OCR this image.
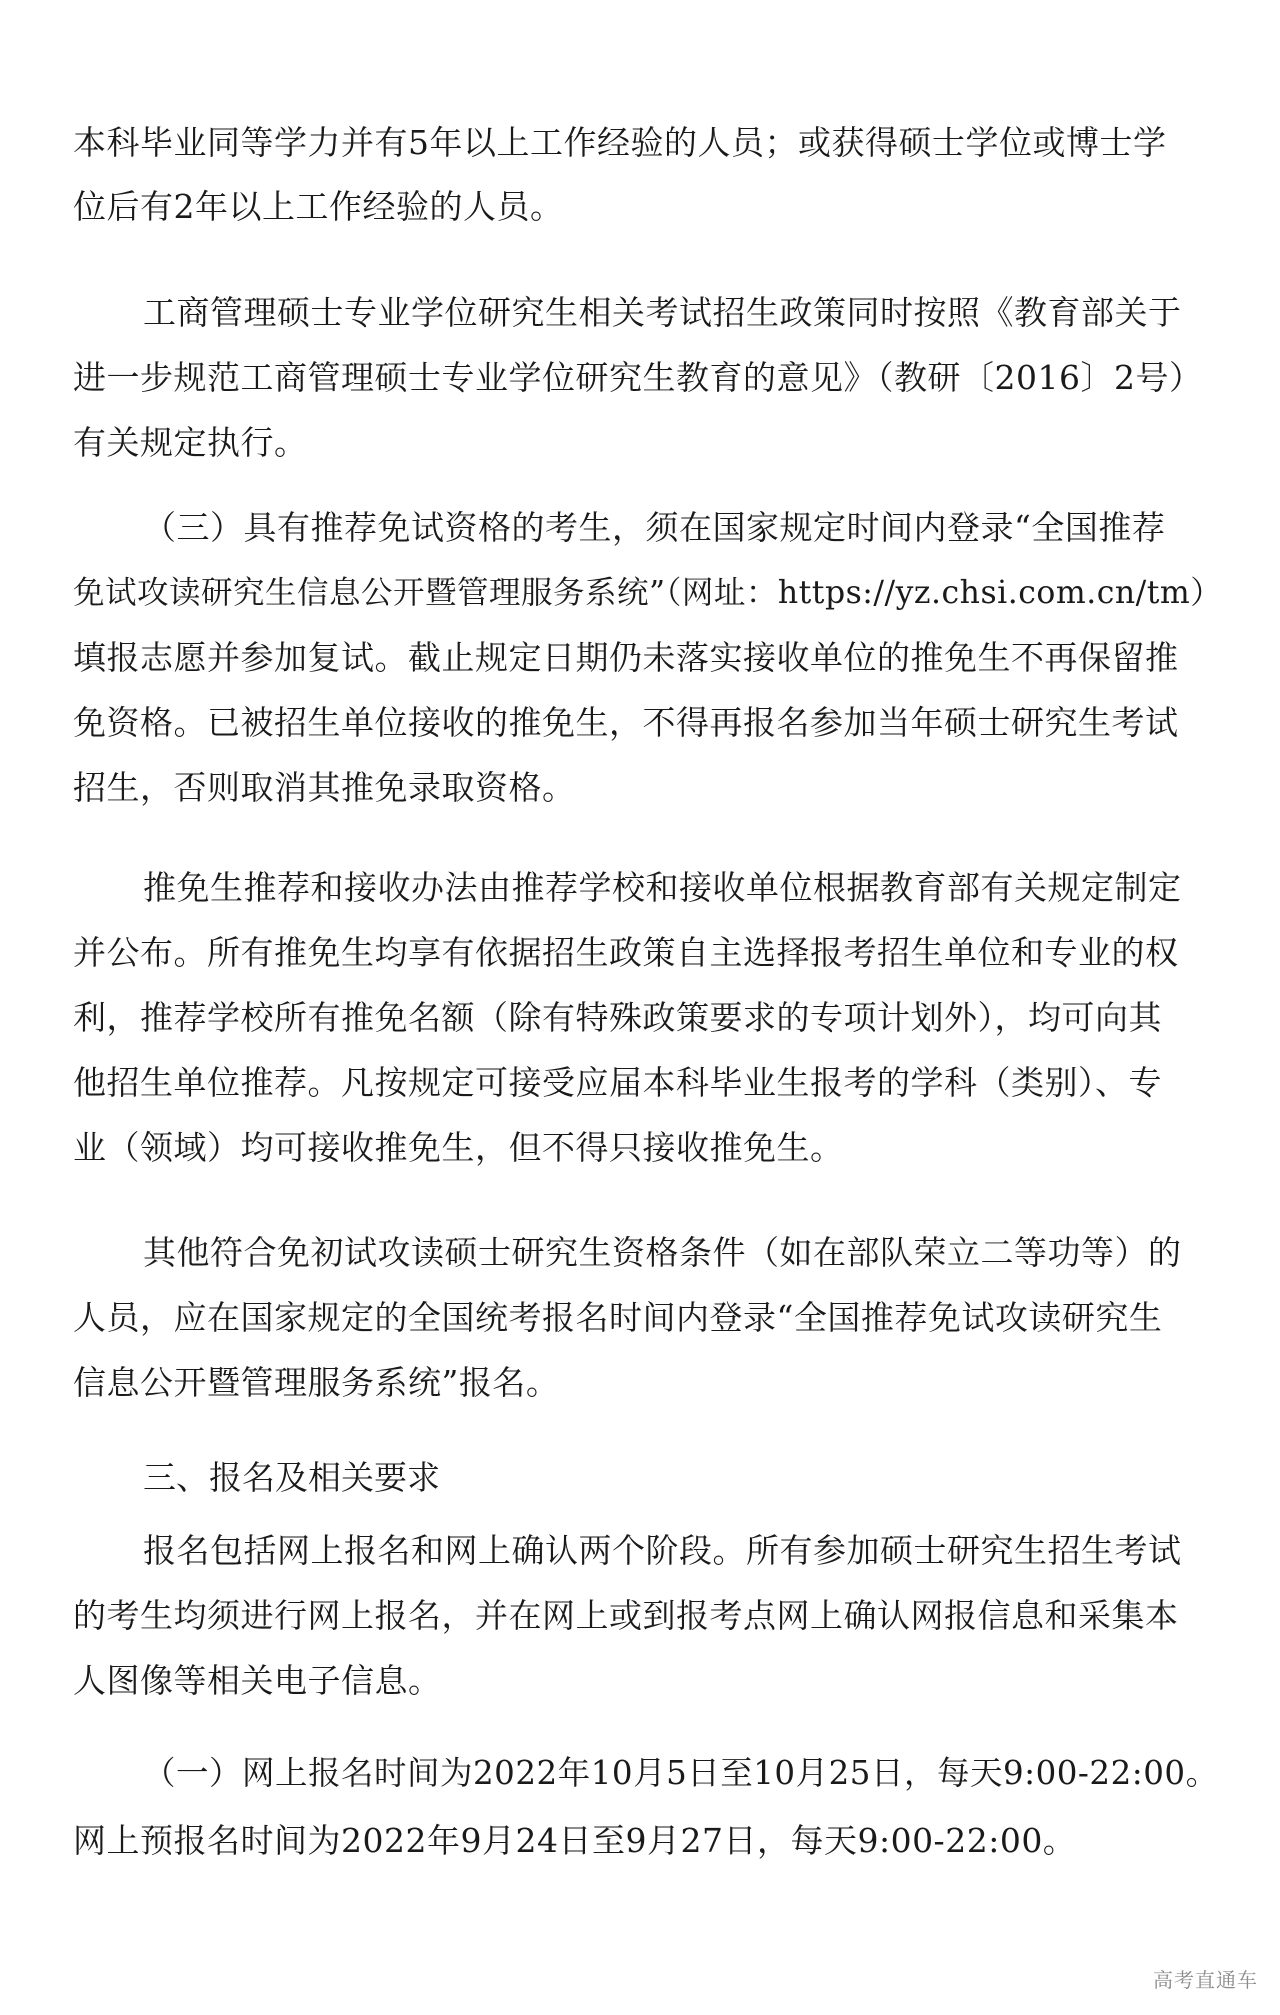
本科毕业同等学力并有5年以上工作经验的人员；或获得硕士学位或博士学

位后有2年以上工作经验的人员。

工商管理硕士专业学位研究生相关考试招生政策同时按照《教育部关于

进一步规范工商管理硕士专业学位研究生教育的意见》（教研〔2016〕2号）

有关规定执行。

（三）具有推荐免试资格的考生，须在国家规定时间内登录“全国推荐

免试攻读研究生信息公开暨管理服务系统”（网址：https://yz.chsi.com.cn/tm）

填报志愿并参加复试。截止规定日期仍未落实接收单位的推免生不再保留推

免资格。已被招生单位接收的推免生，不得再报名参加当年硕士研究生考试

招生，否则取消其推免录取资格。

推免生推荐和接收办法由推荐学校和接收单位根据教育部有关规定制定

并公布。所有推免生均享有依据招生政策自主选择报考招生单位和专业的权

利，推荐学校所有推免名额（除有特殊政策要求的专项计划外），均可向其

他招生单位推荐。凡按规定可接受应届本科毕业生报考的学科（类别）、专

业（领域）均可接收推免生，但不得只接收推免生。

其他符合免初试攻读硕士研究生资格条件（如在部队荣立二等功等）的

人员，应在国家规定的全国统考报名时间内登录“全国推荐免试攻读研究生

信息公开暨管理服务系统”报名。

三、报名及相关要求

报名包括网上报名和网上确认两个阶段。所有参加硕士研究生招生考试

的考生均须进行网上报名，并在网上或到报考点网上确认网报信息和采集本

人图像等相关电子信息。

（一）网上报名时间为2022年10月5日至10月25日，每天9:00-22:00。

网上预报名时间为2022年9月24日至9月27日，每天9:00-22:00。

高考直通车
